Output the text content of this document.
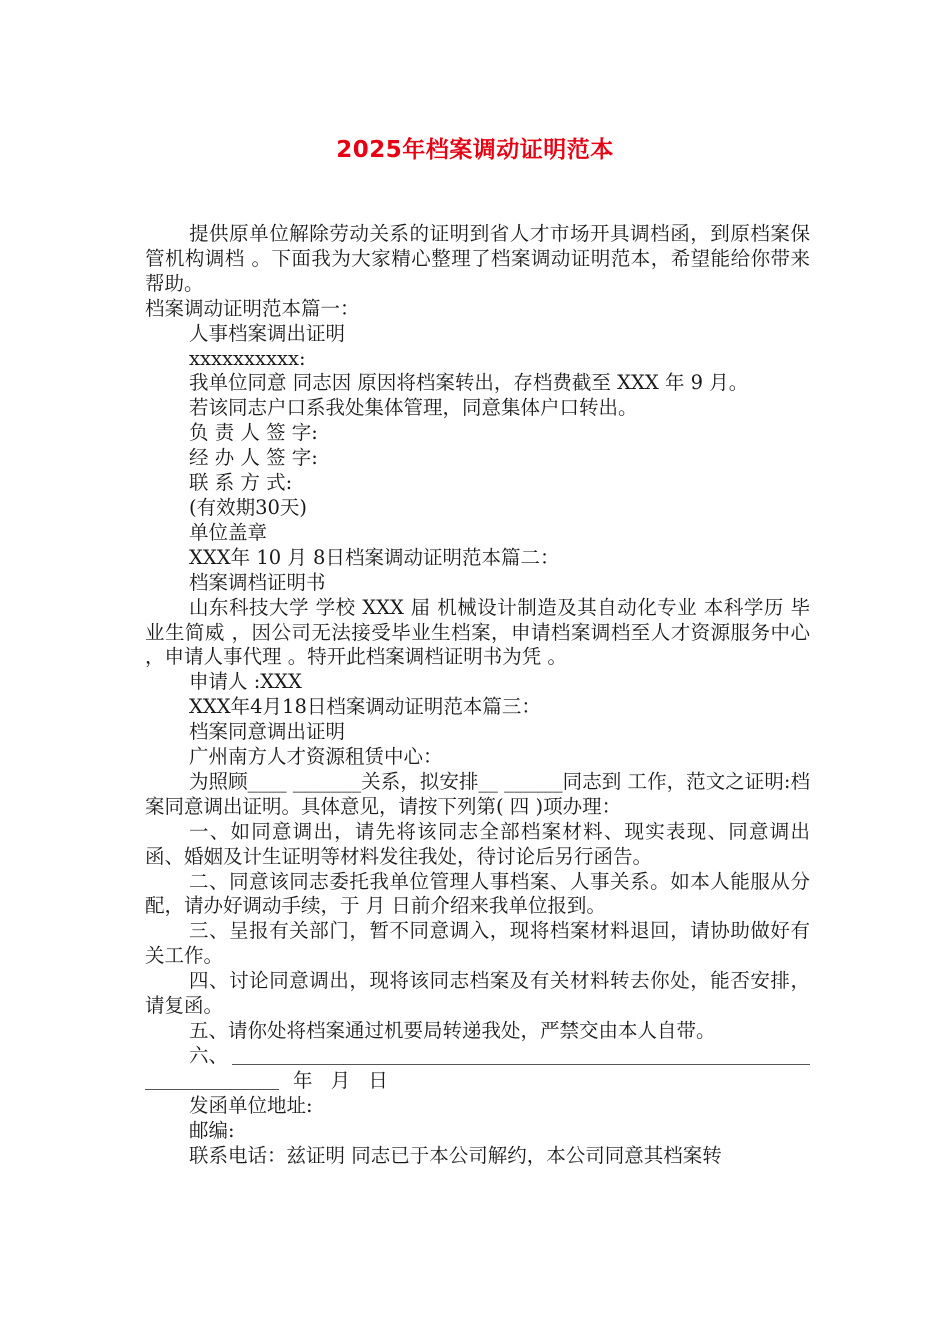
2025年档案调动证明范本

提供原单位解除劳动关系的证明到省人才市场开具调档函，到原档案保管机构调档 。下面我为大家精心整理了档案调动证明范本，希望能给你带来帮助。

档案调动证明范本篇一：

人事档案调出证明

xxxxxxxxxx:

我单位同意 同志因 原因将档案转出，存档费截至 XXX 年 9 月。

若该同志户口系我处集体管理，同意集体户口转出。

负 责 人 签 字:

经 办 人 签 字:

联 系 方 式:

(有效期30天)

单位盖章

XXX年 10 月 8日档案调动证明范本篇二：

档案调档证明书

山东科技大学 学校 XXX 届 机械设计制造及其自动化专业 本科学历 毕业生简威 ，因公司无法接受毕业生档案，申请档案调档至人才资源服务中心 ，申请人事代理 。特开此档案调档证明书为凭 。

申请人 :XXX

XXX年4月18日档案调动证明范本篇三：

档案同意调出证明

广州南方人才资源租赁中心：

为照顾____ _______关系，拟安排__ ______同志到 工作，范文之证明:档案同意调出证明。具体意见，请按下列第( 四 )项办理：

一、如同意调出，请先将该同志全部档案材料、现实表现、同意调出函、婚姻及计生证明等材料发往我处，待讨论后另行函告。

二、同意该同志委托我单位管理人事档案、人事关系。如本人能服从分配，请办好调动手续，于 月 日前介绍来我单位报到。

三、呈报有关部门，暂不同意调入，现将档案材料退回，请协助做好有关工作。

四、讨论同意调出，现将该同志档案及有关材料转去你处，能否安排，请复函。

五、请你处将档案通过机要局转递我处，严禁交由本人自带。

六、
年 月 日

发函单位地址:

邮编:

联系电话：兹证明 同志已于本公司解约，本公司同意其档案转
